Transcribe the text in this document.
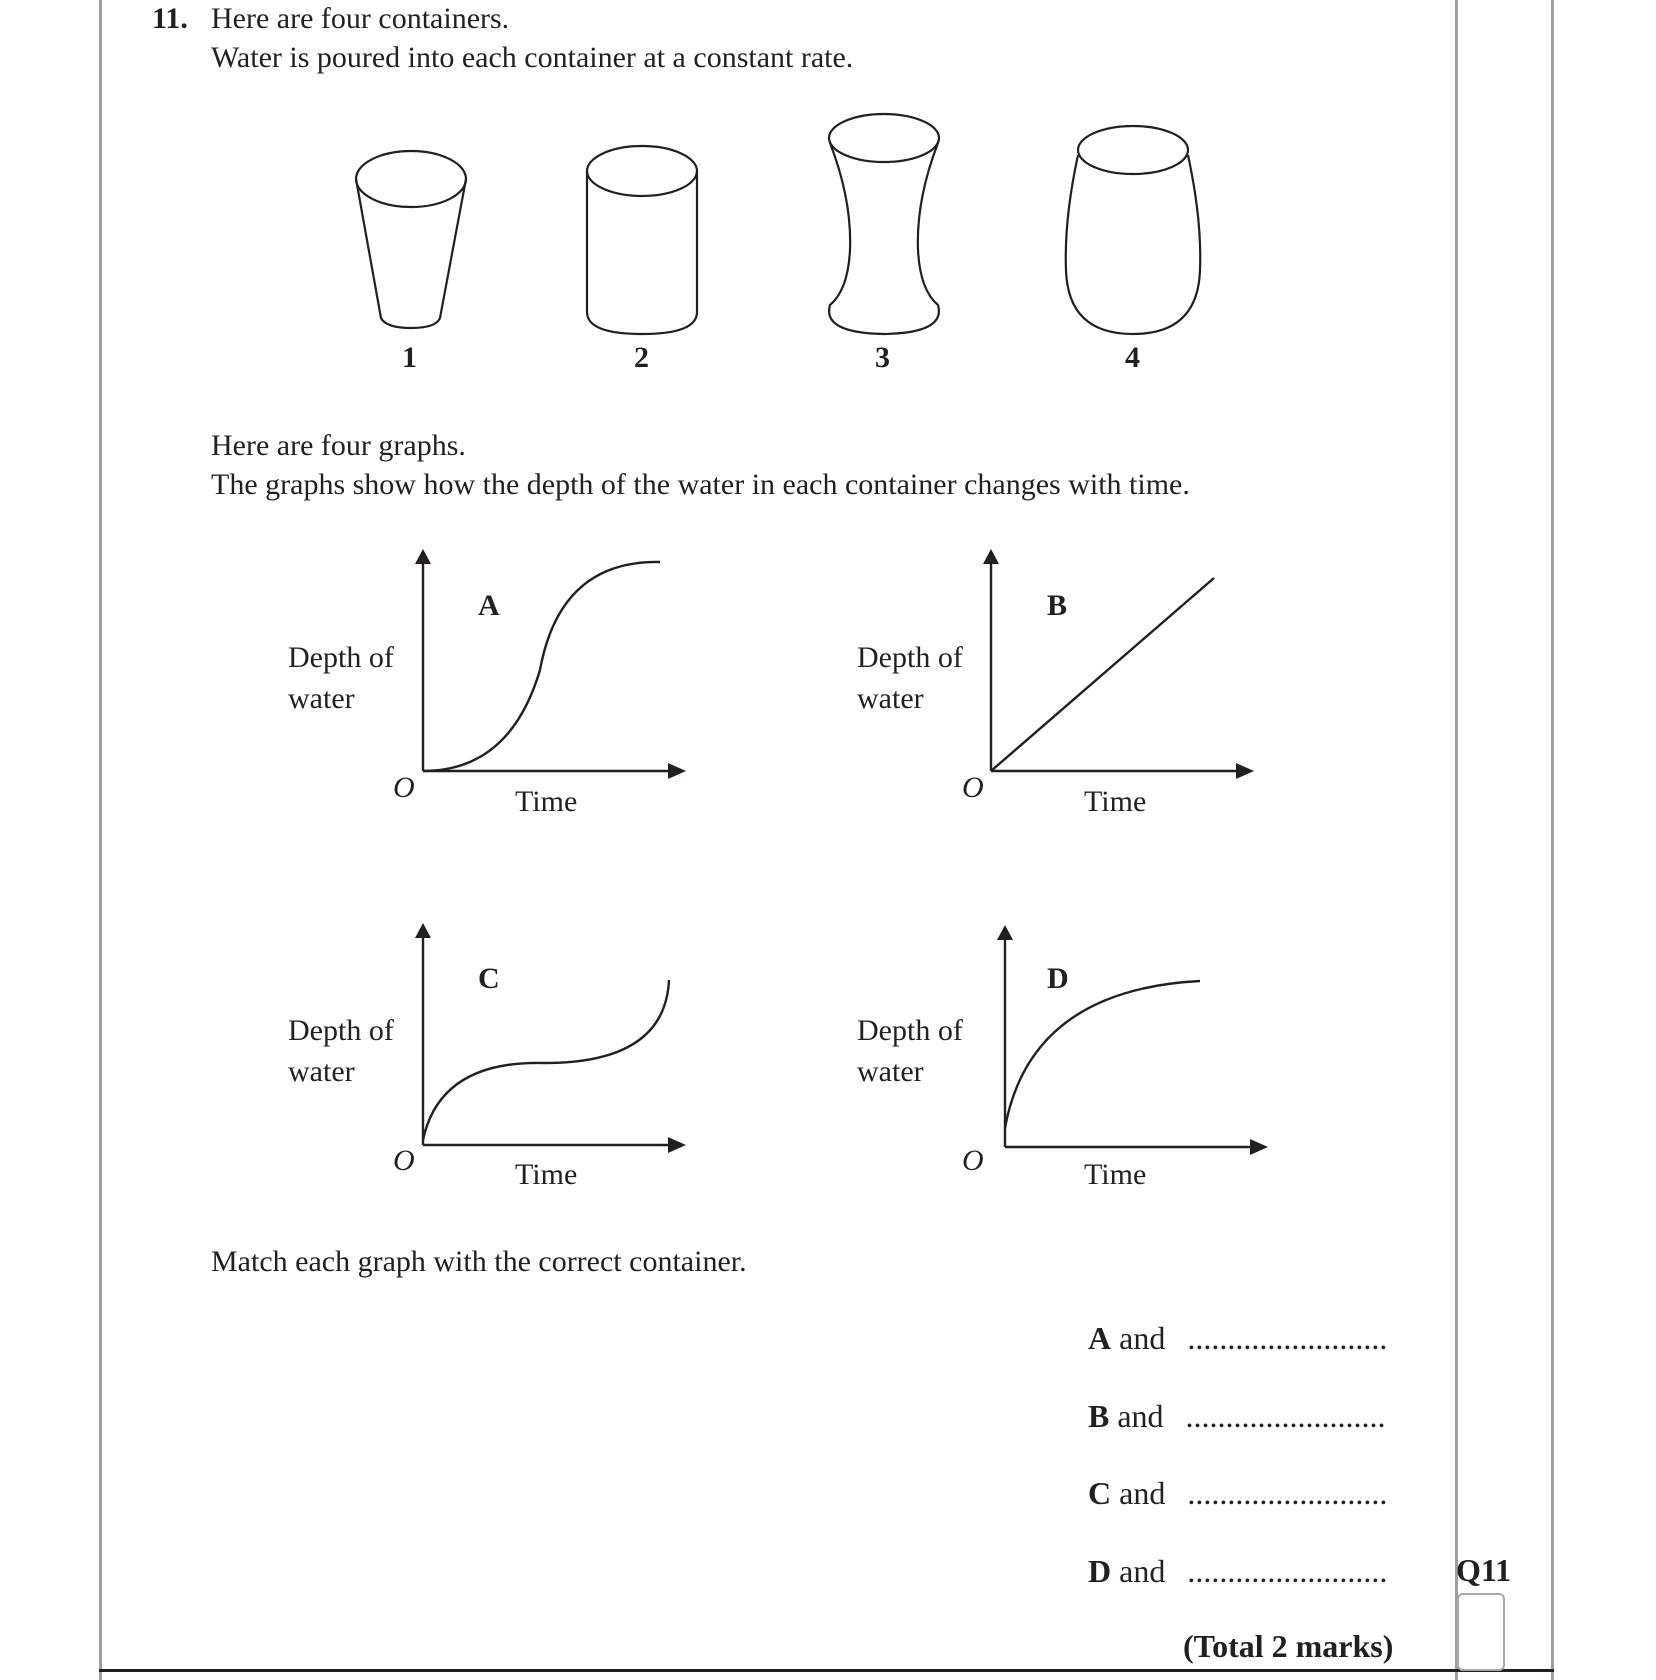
11. Here are four containers.
Water is poured into each container at a constant rate.
1	2	3	4
Here are four graphs.
The graphs show how the depth of the water in each container changes with time.
A
Depth of
water
O	Time
B
Depth of
water
O	Time
C
Depth of
water
O	Time
D
Depth of
water
O	Time
Match each graph with the correct container.
A and .........................
B and .........................
C and .........................
D and .........................	Q11
(Total 2 marks)
